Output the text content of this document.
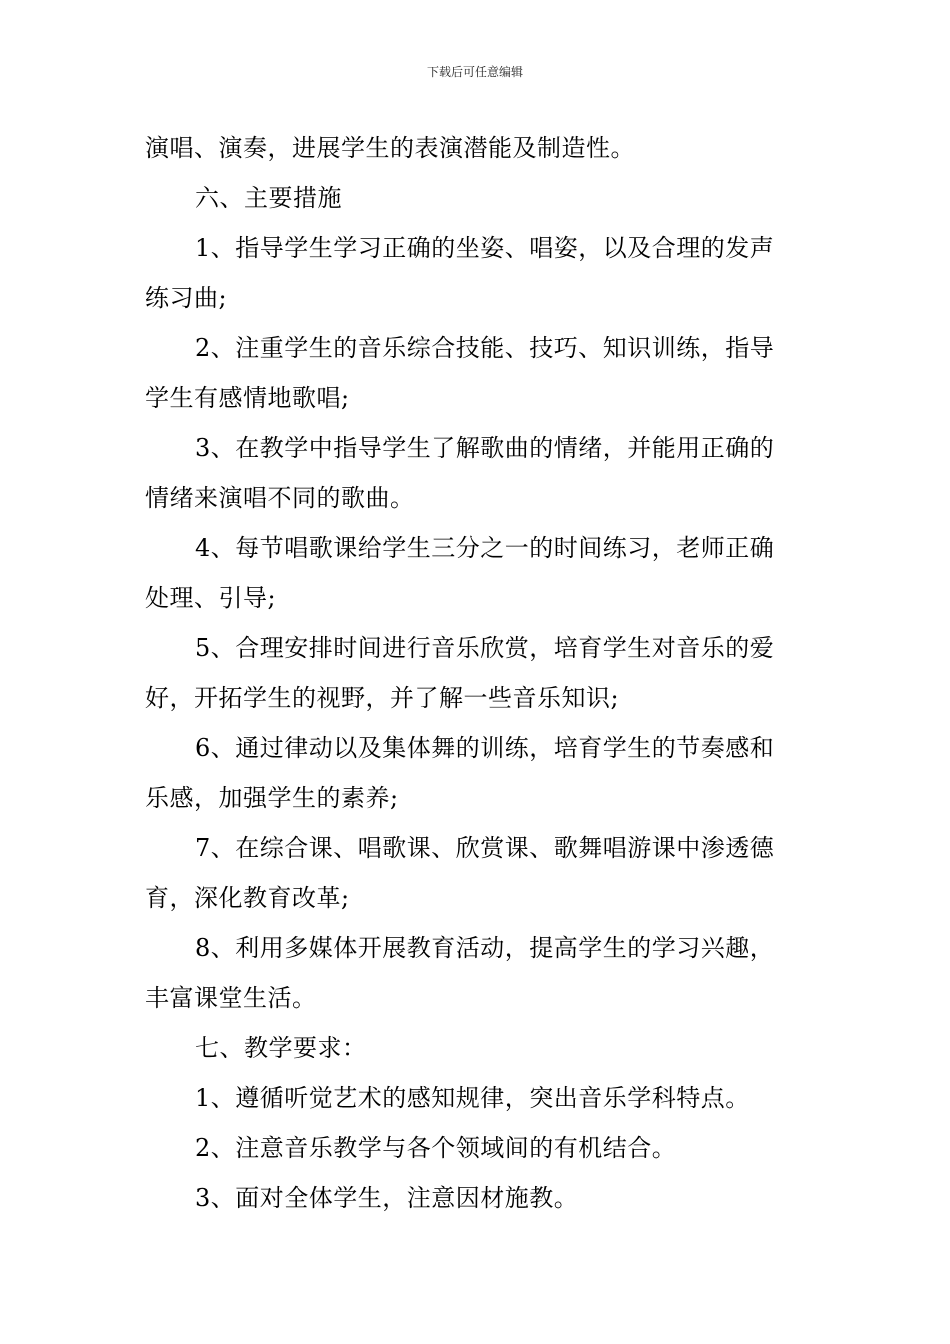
下载后可任意编辑
演唱、演奏，进展学生的表演潜能及制造性。
六、主要措施
1、指导学生学习正确的坐姿、唱姿，以及合理的发声
练习曲;
2、注重学生的音乐综合技能、技巧、知识训练，指导
学生有感情地歌唱;
3、在教学中指导学生了解歌曲的情绪，并能用正确的
情绪来演唱不同的歌曲。
4、每节唱歌课给学生三分之一的时间练习，老师正确
处理、引导;
5、合理安排时间进行音乐欣赏，培育学生对音乐的爱
好，开拓学生的视野，并了解一些音乐知识;
6、通过律动以及集体舞的训练，培育学生的节奏感和
乐感，加强学生的素养;
7、在综合课、唱歌课、欣赏课、歌舞唱游课中渗透德
育，深化教育改革;
8、利用多媒体开展教育活动，提高学生的学习兴趣，
丰富课堂生活。
七、教学要求：
1、遵循听觉艺术的感知规律，突出音乐学科特点。
2、注意音乐教学与各个领域间的有机结合。
3、面对全体学生，注意因材施教。
